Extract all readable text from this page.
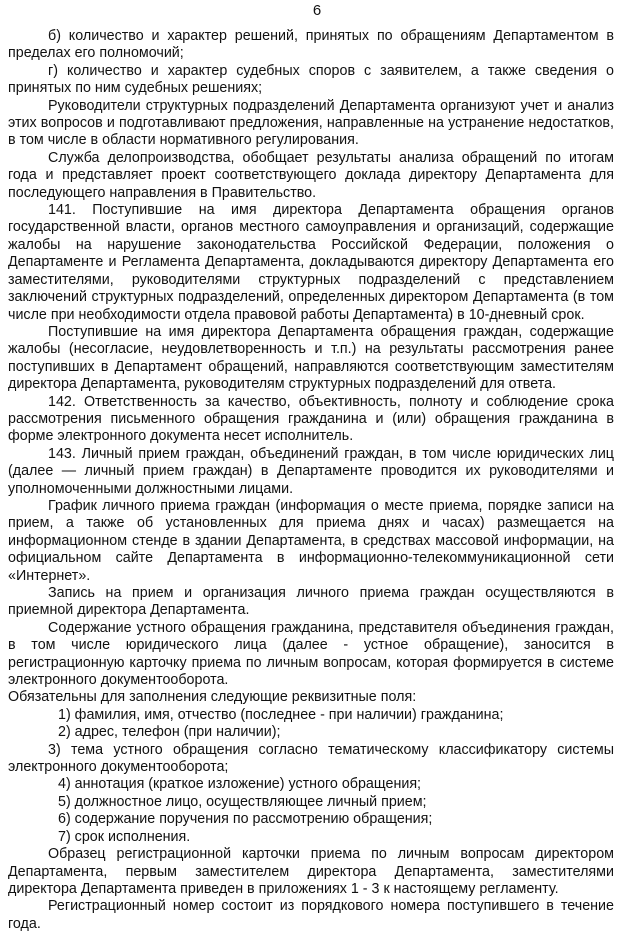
6

б) количество и характер решений, принятых по обращениям Департаментом в пределах его полномочий;

г) количество и характер судебных споров с заявителем, а также сведения о принятых по ним судебных решениях;

Руководители структурных подразделений Департамента организуют учет и анализ этих вопросов и подготавливают предложения, направленные на устранение недостатков, в том числе в области нормативного регулирования.

Служба делопроизводства, обобщает результаты анализа обращений по итогам года и представляет проект соответствующего доклада директору Департамента для последующего направления в Правительство.

141. Поступившие на имя директора Департамента обращения органов государственной власти, органов местного самоуправления и организаций, содержащие жалобы на нарушение законодательства Российской Федерации, положения о Департаменте и Регламента Департамента, докладываются директору Департамента его заместителями, руководителями структурных подразделений с представлением заключений структурных подразделений, определенных директором Департамента (в том числе при необходимости отдела правовой работы Департамента) в 10-дневный срок.

Поступившие на имя директора Департамента обращения граждан, содержащие жалобы (несогласие, неудовлетворенность и т.п.) на результаты рассмотрения ранее поступивших в Департамент обращений, направляются соответствующим заместителям директора Департамента, руководителям структурных подразделений для ответа.

142. Ответственность за качество, объективность, полноту и соблюдение срока рассмотрения письменного обращения гражданина и (или) обращения гражданина в форме электронного документа несет исполнитель.

143. Личный прием граждан, объединений граждан, в том числе юридических лиц (далее — личный прием граждан) в Департаменте проводится их руководителями и уполномоченными должностными лицами.

График личного приема граждан (информация о месте приема, порядке записи на прием, а также об установленных для приема днях и часах) размещается на информационном стенде в здании Департамента, в средствах массовой информации, на официальном сайте Департамента в информационно-телекоммуникационной сети «Интернет».

Запись на прием и организация личного приема граждан осуществляются в приемной директора Департамента.

Содержание устного обращения гражданина, представителя объединения граждан, в том числе юридического лица (далее - устное обращение), заносится в регистрационную карточку приема по личным вопросам, которая формируется в системе электронного документооборота.

Обязательны для заполнения следующие реквизитные поля:

1) фамилия, имя, отчество (последнее - при наличии) гражданина;

2) адрес, телефон (при наличии);

3) тема устного обращения согласно тематическому классификатору системы электронного документооборота;

4) аннотация (краткое изложение) устного обращения;

5) должностное лицо, осуществляющее личный прием;

6) содержание поручения по рассмотрению обращения;

7) срок исполнения.

Образец регистрационной карточки приема по личным вопросам директором Департамента, первым заместителем директора Департамента, заместителями директора Департамента приведен в приложениях 1 - 3 к настоящему регламенту.

Регистрационный номер состоит из порядкового номера поступившего в течение года.
